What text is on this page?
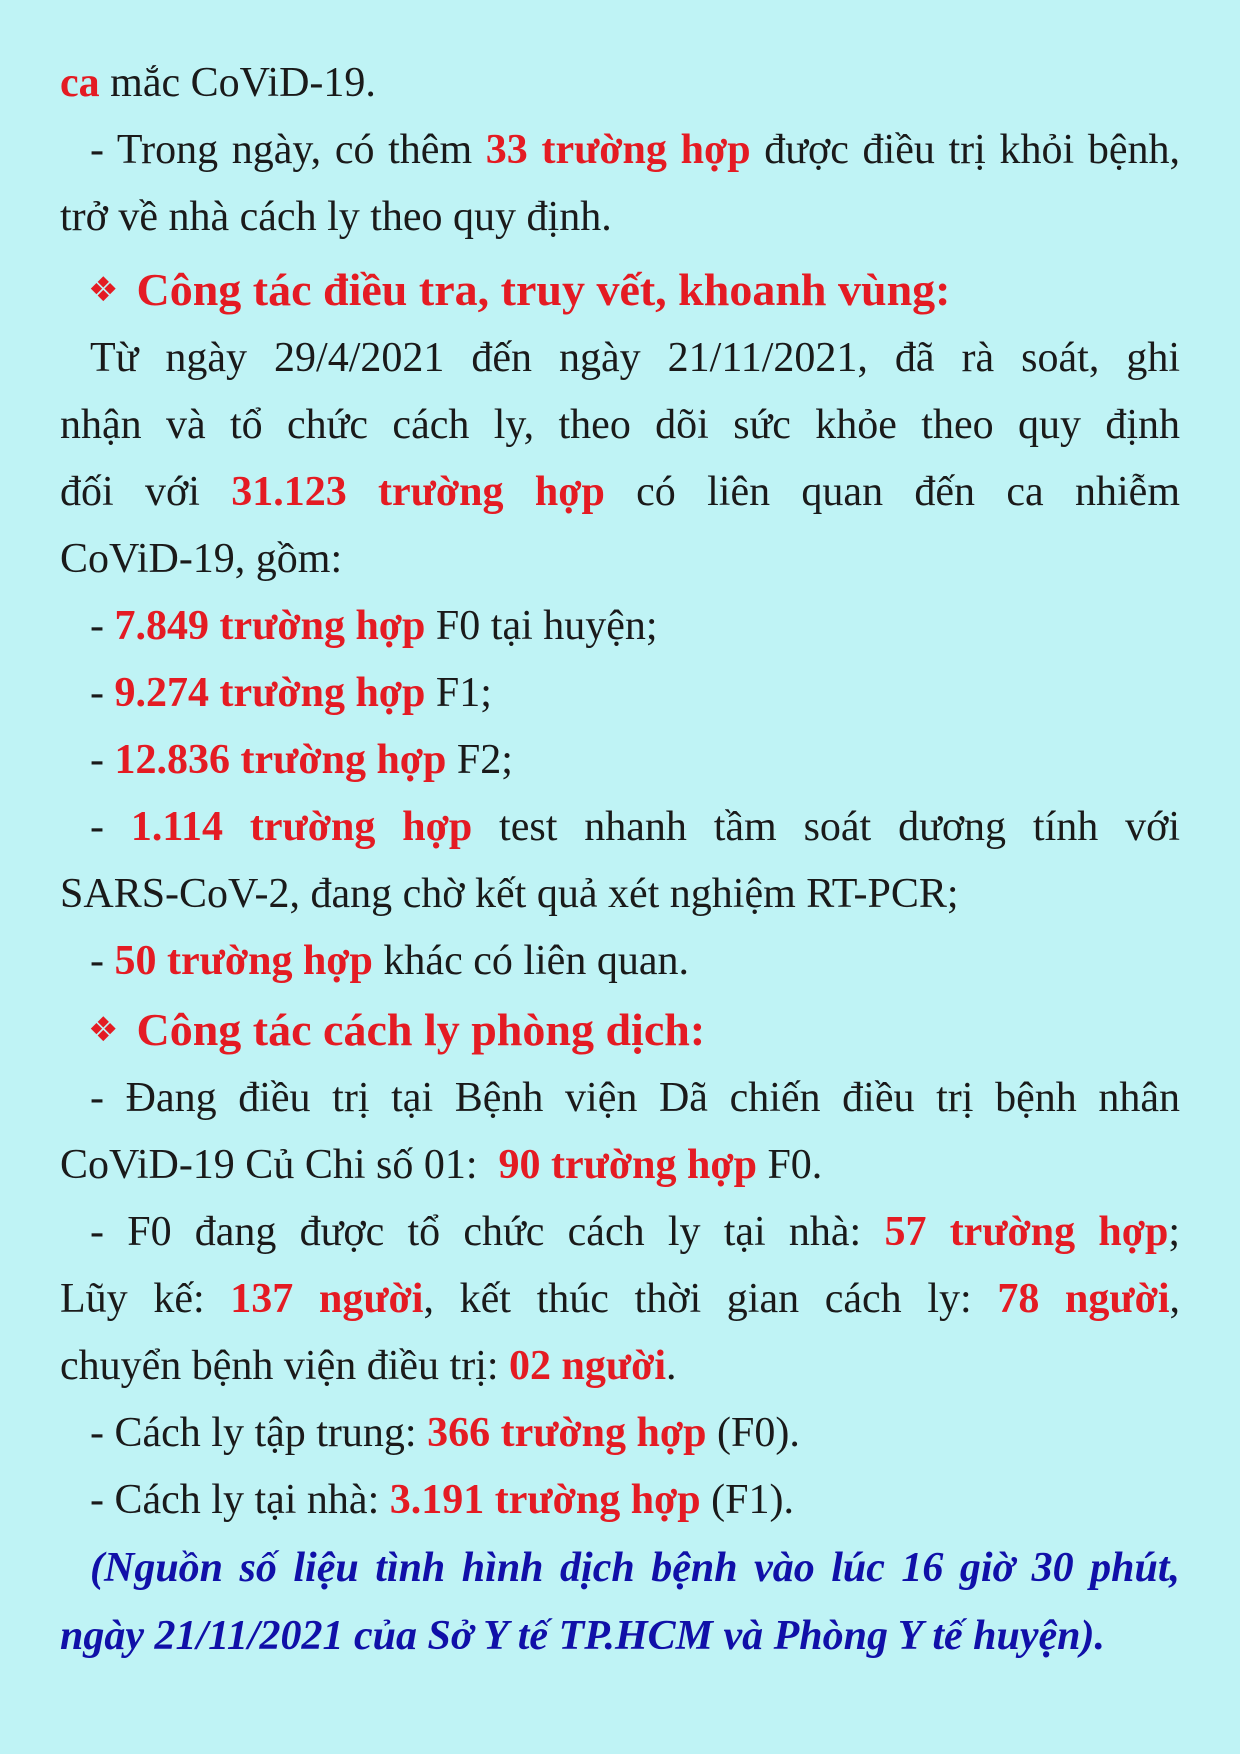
ca mắc CoViD-19.

- Trong ngày, có thêm 33 trường hợp được điều trị khỏi bệnh,

trở về nhà cách ly theo quy định.

❖ Công tác điều tra, truy vết, khoanh vùng:

Từ ngày 29/4/2021 đến ngày 21/11/2021, đã rà soát, ghi

nhận và tổ chức cách ly, theo dõi sức khỏe theo quy định

đối với 31.123 trường hợp có liên quan đến ca nhiễm

CoViD-19, gồm:

- 7.849 trường hợp F0 tại huyện;

- 9.274 trường hợp F1;

- 12.836 trường hợp F2;

- 1.114 trường hợp test nhanh tầm soát dương tính với

SARS-CoV-2, đang chờ kết quả xét nghiệm RT-PCR;

- 50 trường hợp khác có liên quan.

❖ Công tác cách ly phòng dịch:

- Đang điều trị tại Bệnh viện Dã chiến điều trị bệnh nhân

CoViD-19 Củ Chi số 01:  90 trường hợp F0.

- F0 đang được tổ chức cách ly tại nhà: 57 trường hợp;

Lũy kế: 137 người, kết thúc thời gian cách ly: 78 người,

chuyển bệnh viện điều trị: 02 người.

- Cách ly tập trung: 366 trường hợp (F0).

- Cách ly tại nhà: 3.191 trường hợp (F1).

(Nguồn số liệu tình hình dịch bệnh vào lúc 16 giờ 30 phút,

ngày 21/11/2021 của Sở Y tế TP.HCM và Phòng Y tế huyện).
